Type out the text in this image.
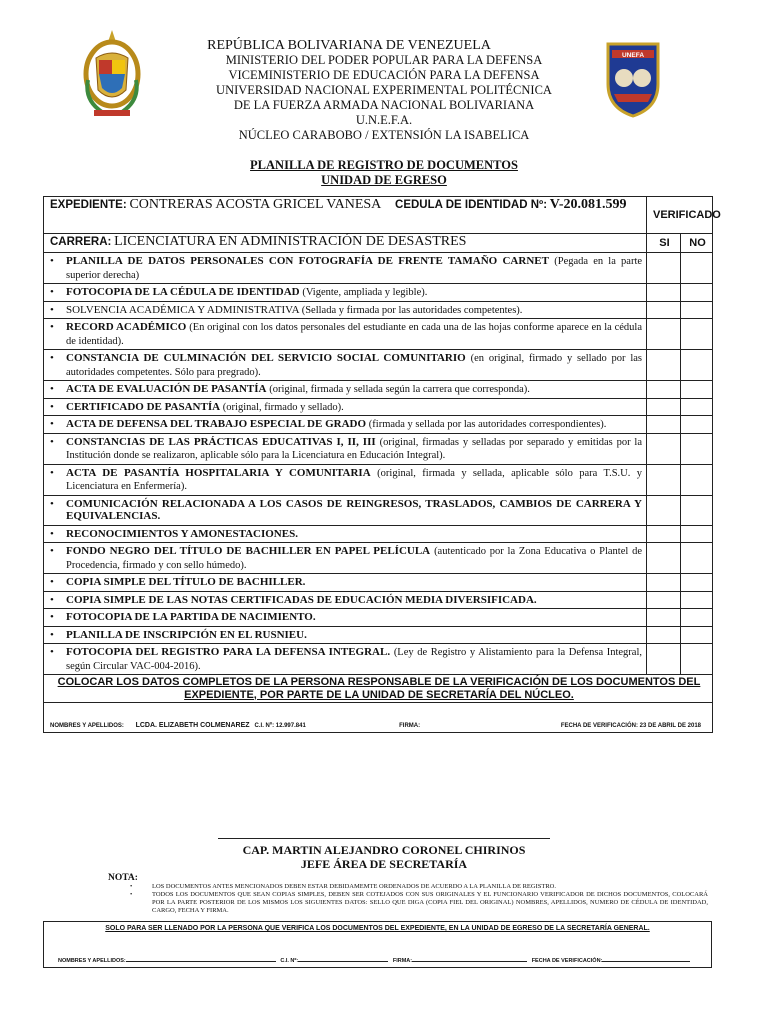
UNEFA
REPÚBLICA BOLIVARIANA DE VENEZUELA
MINISTERIO DEL PODER POPULAR PARA LA DEFENSA
VICEMINISTERIO DE EDUCACIÓN PARA LA DEFENSA
UNIVERSIDAD NACIONAL EXPERIMENTAL POLITÉCNICA
DE LA FUERZA ARMADA NACIONAL BOLIVARIANA
U.N.E.F.A.
NÚCLEO CARABOBO / EXTENSIÓN LA ISABELICA
PLANILLA DE REGISTRO DE DOCUMENTOS
UNIDAD DE EGRESO
EXPEDIENTE: CONTRERAS ACOSTA GRICEL VANESA CEDULA DE IDENTIDAD Nº: V-20.081.599	VERIFICADO	
CARRERA: LICENCIATURA EN ADMINISTRACIÓN DE DESASTRES	SI	NO

• PLANILLA DE DATOS PERSONALES CON FOTOGRAFÍA DE FRENTE TAMAÑO CARNET (Pegada en la parte superior derecha)		

• FOTOCOPIA DE LA CÉDULA DE IDENTIDAD (Vigente, ampliada y legible).		

• SOLVENCIA ACADÉMICA Y ADMINISTRATIVA (Sellada y firmada por las autoridades competentes).		

• RECORD ACADÉMICO (En original con los datos personales del estudiante en cada una de las hojas conforme aparece en la cédula de identidad).		

• CONSTANCIA DE CULMINACIÓN DEL SERVICIO SOCIAL COMUNITARIO (en original, firmado y sellado por las autoridades competentes. Sólo para pregrado).		

• ACTA DE EVALUACIÓN DE PASANTÍA (original, firmada y sellada según la carrera que corresponda).		

• CERTIFICADO DE PASANTÍA (original, firmado y sellado).		

• ACTA DE DEFENSA DEL TRABAJO ESPECIAL DE GRADO (firmada y sellada por las autoridades correspondientes).		

• CONSTANCIAS DE LAS PRÁCTICAS EDUCATIVAS I, II, III (original, firmadas y selladas por separado y emitidas por la Institución donde se realizaron, aplicable sólo para la Licenciatura en Educación Integral).		

• ACTA DE PASANTÍA HOSPITALARIA Y COMUNITARIA (original, firmada y sellada, aplicable sólo para T.S.U. y Licenciatura en Enfermería).		

• COMUNICACIÓN RELACIONADA A LOS CASOS DE REINGRESOS, TRASLADOS, CAMBIOS DE CARRERA Y EQUIVALENCIAS.		

• RECONOCIMIENTOS Y AMONESTACIONES.		

• FONDO NEGRO DEL TÍTULO DE BACHILLER EN PAPEL PELÍCULA (autenticado por la Zona Educativa o Plantel de Procedencia, firmado y con sello húmedo).		

• COPIA SIMPLE DEL TÍTULO DE BACHILLER.		

• COPIA SIMPLE DE LAS NOTAS CERTIFICADAS DE EDUCACIÓN MEDIA DIVERSIFICADA.		

• FOTOCOPIA DE LA PARTIDA DE NACIMIENTO.		

• PLANILLA DE INSCRIPCIÓN EN EL RUSNIEU.		

• FOTOCOPIA DEL REGISTRO PARA LA DEFENSA INTEGRAL. (Ley de Registro y Alistamiento para la Defensa Integral, según Circular VAC-004-2016).		

COLOCAR LOS DATOS COMPLETOS DE LA PERSONA RESPONSABLE DE LA VERIFICACIÓN DE LOS DOCUMENTOS DEL EXPEDIENTE, POR PARTE DE LA UNIDAD DE SECRETARÍA DEL NÚCLEO.		

NOMBRES Y APELLIDOS: LCDA. ELIZABETH COLMENAREZ C.I. Nº: 12.997.841 FIRMA: FECHA DE VERIFICACIÓN: 23 DE ABRIL DE 2018		
CAP. MARTIN ALEJANDRO CORONEL CHIRINOS
JEFE ÁREA DE SECRETARÍA
NOTA:
•	LOS DOCUMENTOS ANTES MENCIONADOS DEBEN ESTAR DEBIDAMEMTE ORDENADOS DE ACUERDO A LA PLANILLA DE REGISTRO.
•	TODOS LOS DOCUMENTOS QUE SEAN COPIAS SIMPLES, DEBEN SER COTEJADOS CON SUS ORIGINALES Y EL FUNCIONARIO VERIFICADOR DE DICHOS DOCUMENTOS, COLOCARÁ POR LA PARTE POSTERIOR DE LOS MISMOS LOS SIGUIENTES DATOS: SELLO QUE DIGA (COPIA FIEL DEL ORIGINAL) NOMBRES, APELLIDOS, NUMERO DE CÉDULA DE IDENTIDAD, CARGO, FECHA Y FIRMA.
SOLO PARA SER LLENADO POR LA PERSONA QUE VERIFICA LOS DOCUMENTOS DEL EXPEDIENTE, EN LA UNIDAD DE EGRESO DE LA SECRETARÍA GENERAL.
NOMBRES Y APELLIDOS:	C.I. Nº:	FIRMA:	FECHA DE VERIFICACIÓN:
